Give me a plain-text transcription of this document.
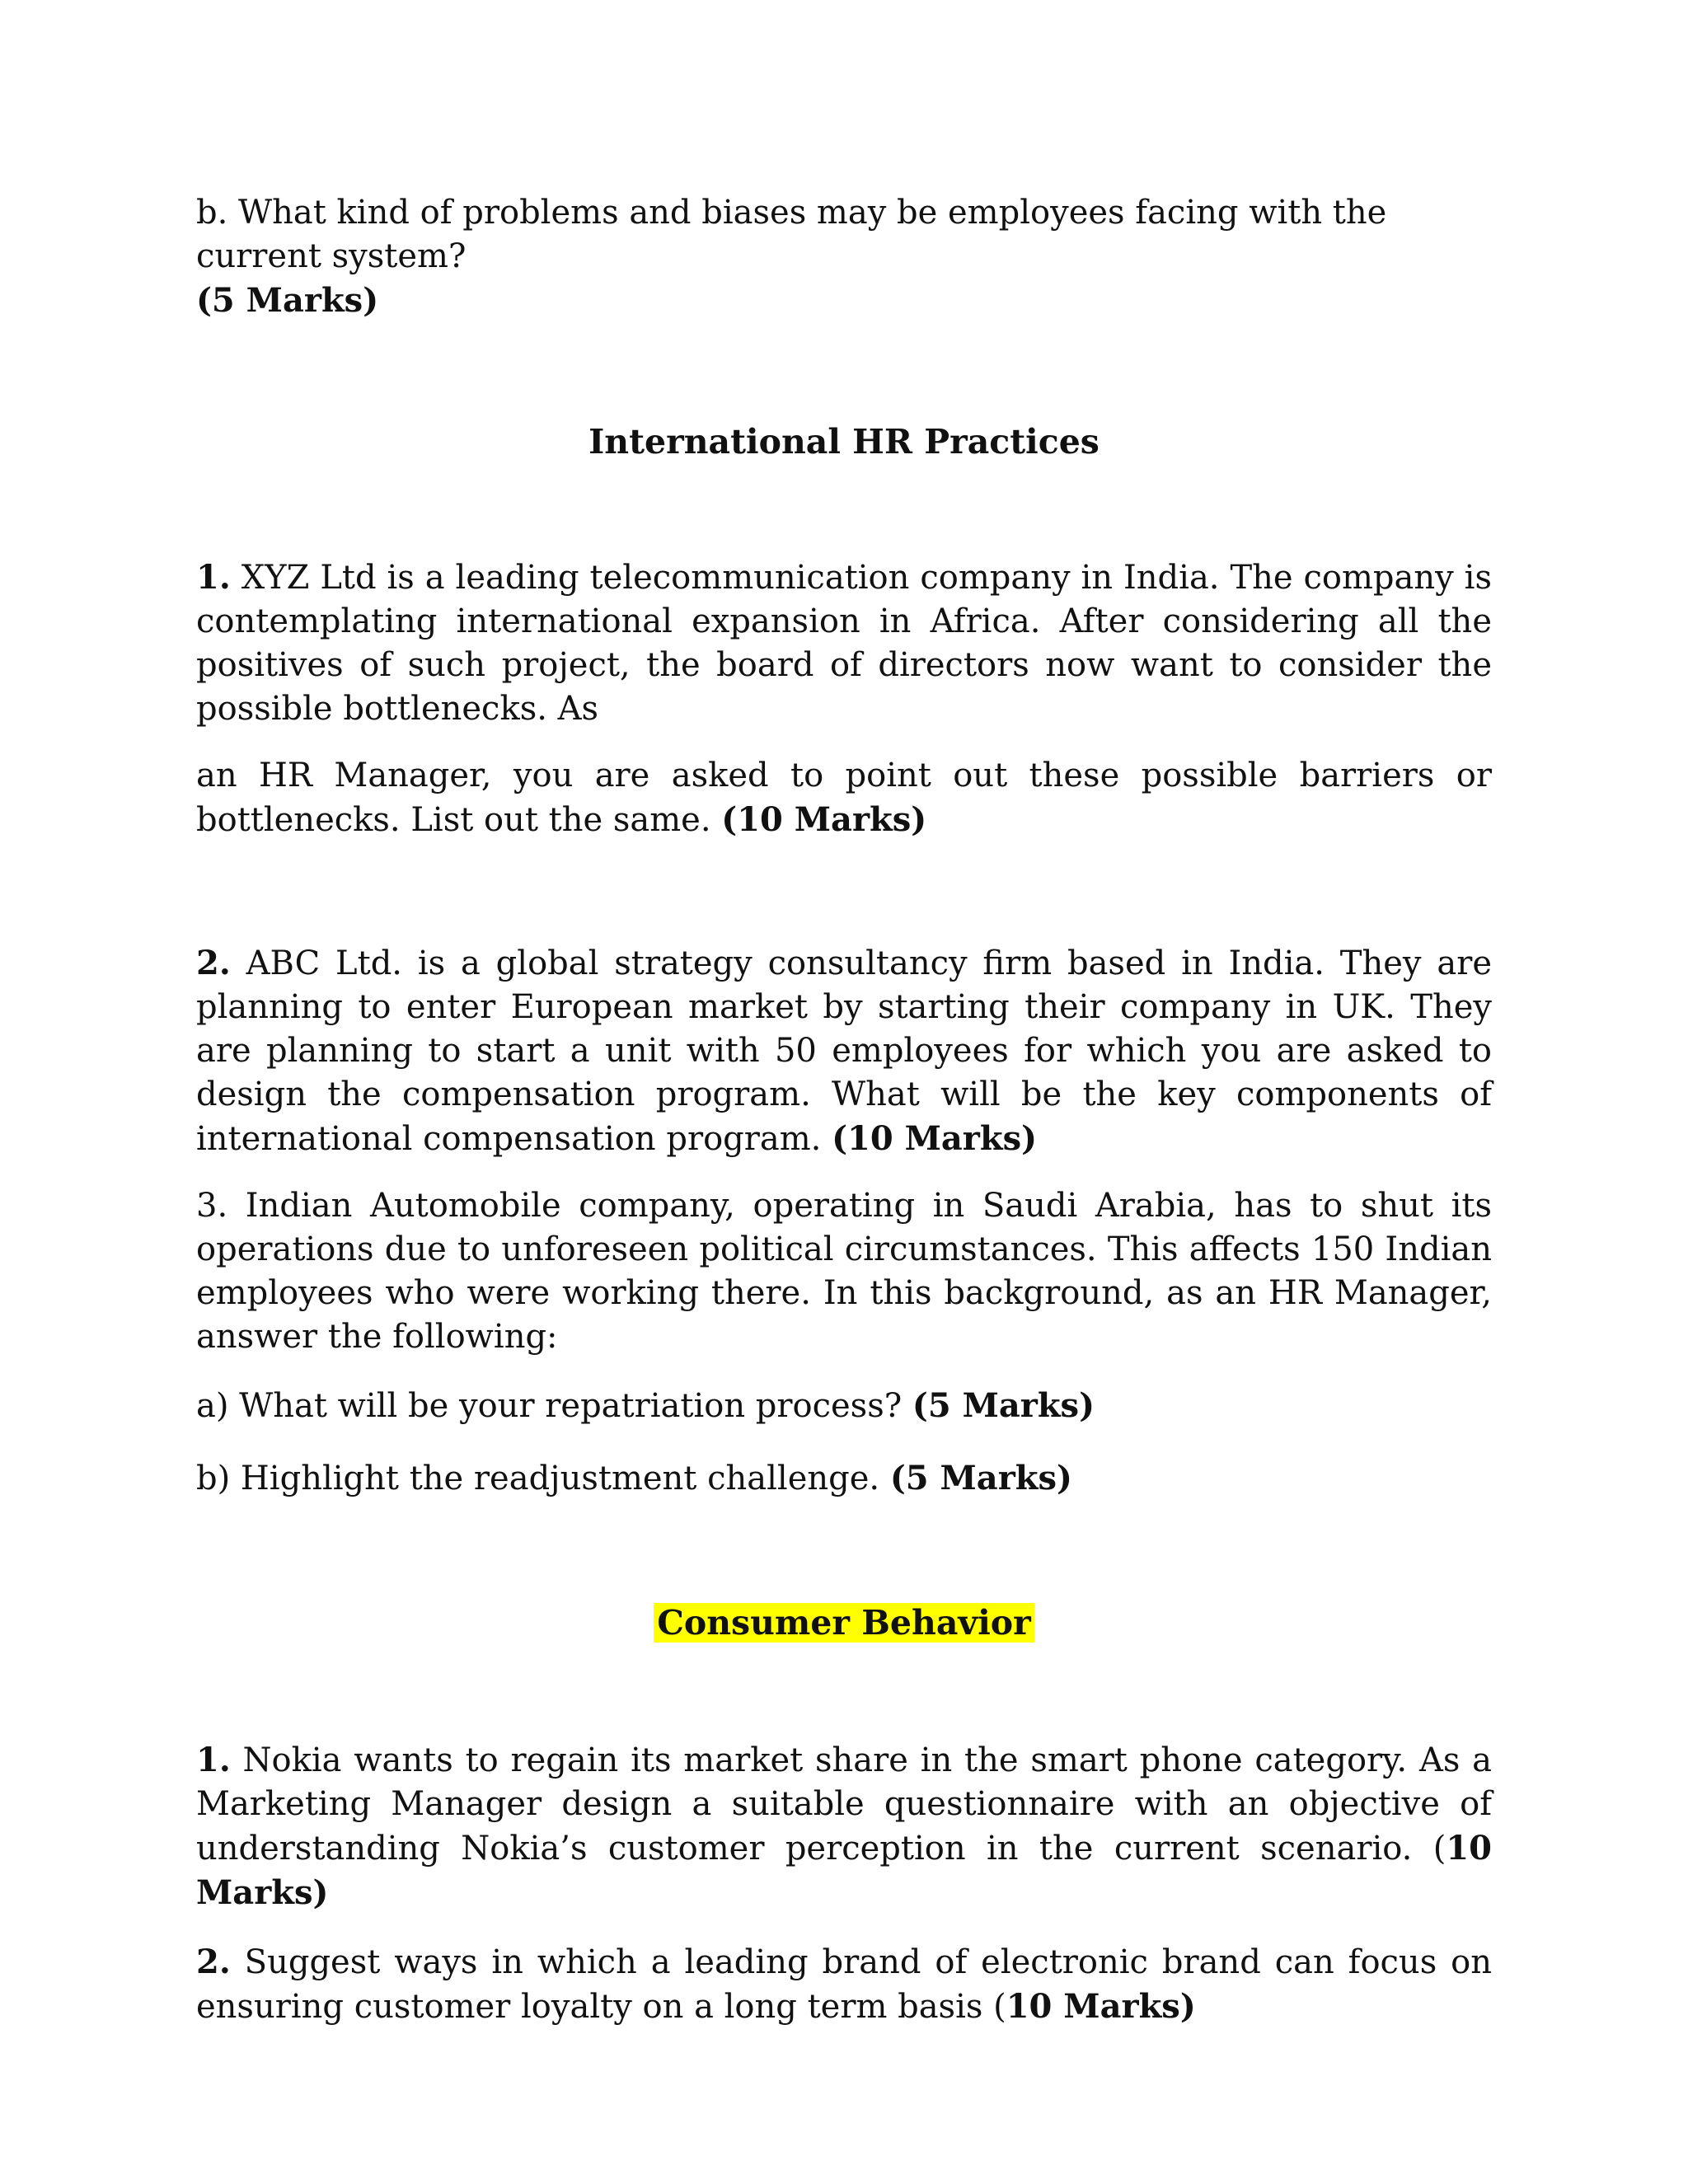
b. What kind of problems and biases may be employees facing with the current system?
(5 Marks)

International HR Practices

1. XYZ Ltd is a leading telecommunication company in India. The company is contemplating international expansion in Africa. After considering all the positives of such project, the board of directors now want to consider the possible bottlenecks. As

an HR Manager, you are asked to point out these possible barriers or bottlenecks. List out the same. (10 Marks)

2. ABC Ltd. is a global strategy consultancy firm based in India. They are planning to enter European market by starting their company in UK. They are planning to start a unit with 50 employees for which you are asked to design the compensation program. What will be the key components of international compensation program. (10 Marks)

3. Indian Automobile company, operating in Saudi Arabia, has to shut its operations due to unforeseen political circumstances. This affects 150 Indian employees who were working there. In this background, as an HR Manager, answer the following:

a) What will be your repatriation process? (5 Marks)

b) Highlight the readjustment challenge. (5 Marks)

Consumer Behavior

1. Nokia wants to regain its market share in the smart phone category. As a Marketing Manager design a suitable questionnaire with an objective of understanding Nokia’s customer perception in the current scenario. (10 Marks)

2. Suggest ways in which a leading brand of electronic brand can focus on ensuring customer loyalty on a long term basis (10 Marks)
